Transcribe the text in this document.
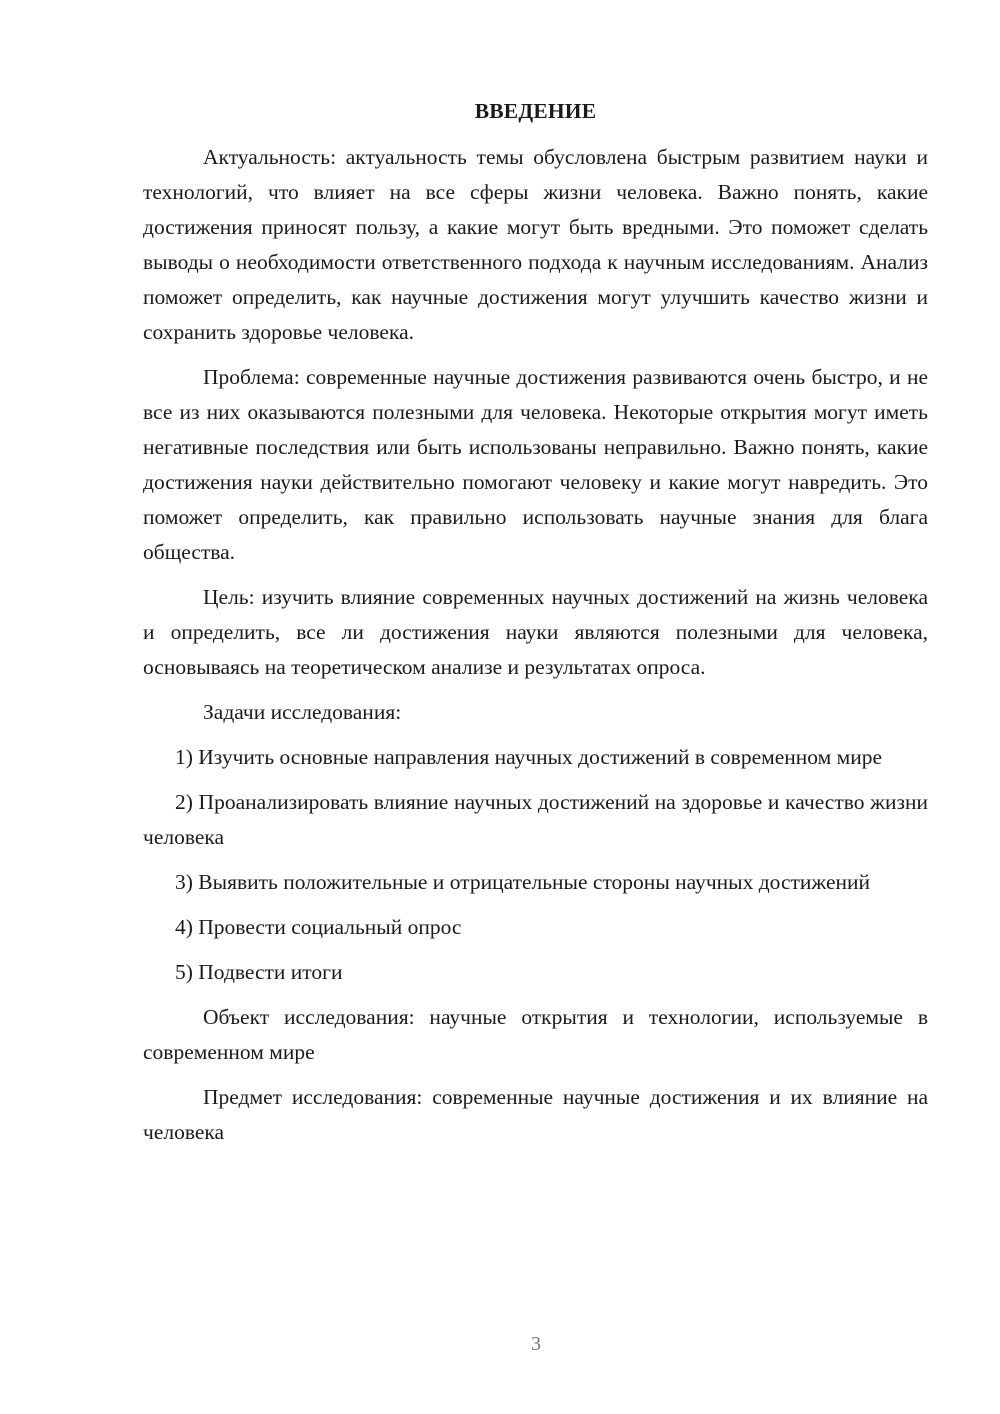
ВВЕДЕНИЕ

Актуальность: актуальность темы обусловлена быстрым развитием науки и технологий, что влияет на все сферы жизни человека. Важно понять, какие достижения приносят пользу, а какие могут быть вредными. Это поможет сделать выводы о необходимости ответственного подхода к научным исследованиям. Анализ поможет определить, как научные достижения могут улучшить качество жизни и сохранить здоровье человека.

Проблема: современные научные достижения развиваются очень быстро, и не все из них оказываются полезными для человека. Некоторые открытия могут иметь негативные последствия или быть использованы неправильно. Важно понять, какие достижения науки действительно помогают человеку и какие могут навредить. Это поможет определить, как правильно использовать научные знания для блага общества.

Цель: изучить влияние современных научных достижений на жизнь человека и определить, все ли достижения науки являются полезными для человека, основываясь на теоретическом анализе и результатах опроса.

Задачи исследования:

1) Изучить основные направления научных достижений в современном мире

2) Проанализировать влияние научных достижений на здоровье и качество жизни человека

3) Выявить положительные и отрицательные стороны научных достижений

4) Провести социальный опрос

5) Подвести итоги

Объект исследования: научные открытия и технологии, используемые в современном мире

Предмет исследования: современные научные достижения и их влияние на человека

3
